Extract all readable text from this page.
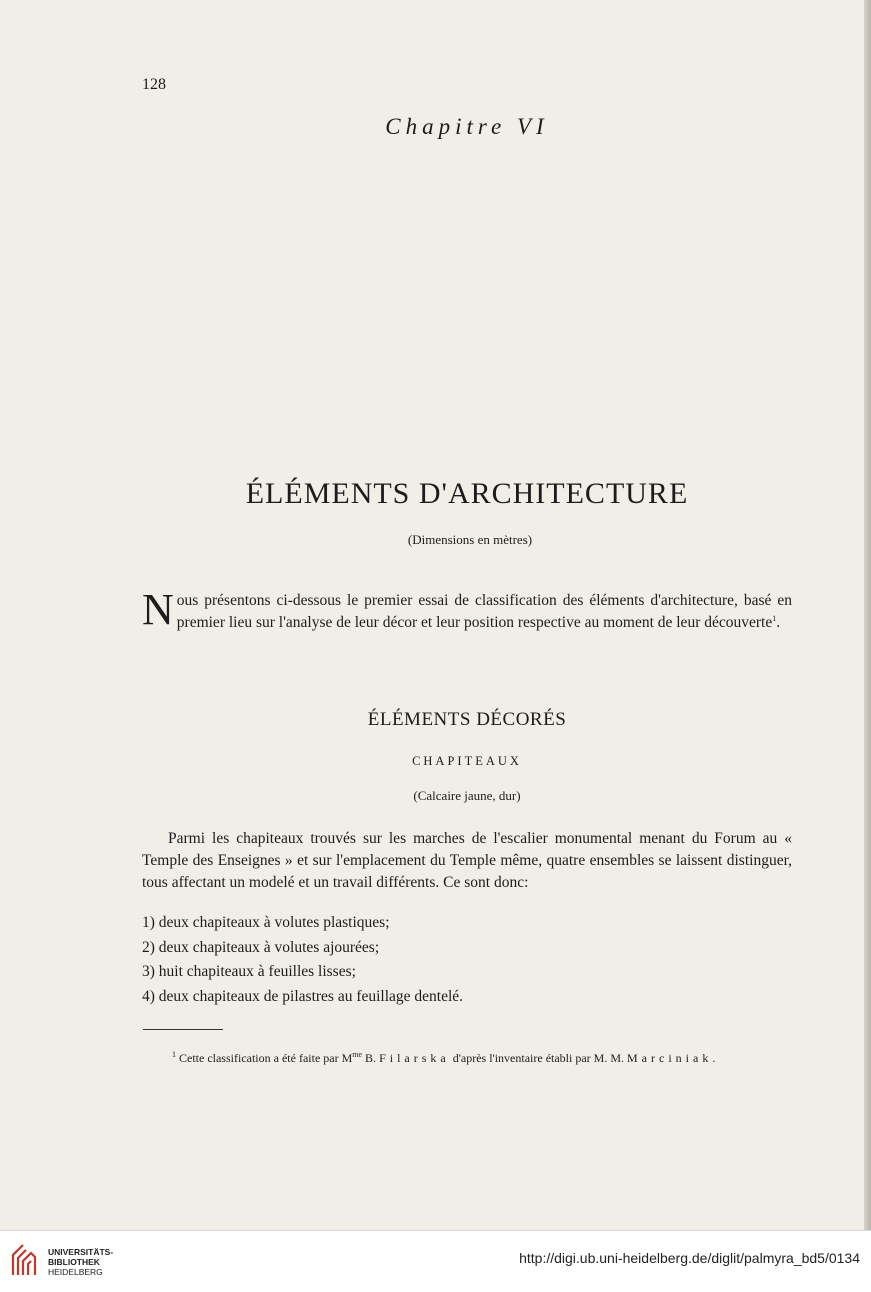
128
Chapitre VI
ÉLÉMENTS D'ARCHITECTURE
(Dimensions en mètres)
Nous présentons ci-dessous le premier essai de classification des éléments d'architecture, basé en premier lieu sur l'analyse de leur décor et leur position respective au moment de leur découverte$^1$.
ÉLÉMENTS DÉCORÉS
CHAPITEAUX
(Calcaire jaune, dur)
Parmi les chapiteaux trouvés sur les marches de l'escalier monumental menant du Forum au « Temple des Enseignes » et sur l'emplacement du Temple même, quatre ensembles se laissent distinguer, tous affectant un modelé et un travail différents. Ce sont donc:
1) deux chapiteaux à volutes plastiques;
2) deux chapiteaux à volutes ajourées;
3) huit chapiteaux à feuilles lisses;
4) deux chapiteaux de pilastres au feuillage dentelé.
$^1$ Cette classification a été faite par $M^{me}$ B. Filarska d'après l'inventaire établi par M. M. Marciniak.
UNIVERSITÄTS-
BIBLIOTHEK
HEIDELBERG
http://digi.ub.uni-heidelberg.de/diglit/palmyra_bd5/0134
